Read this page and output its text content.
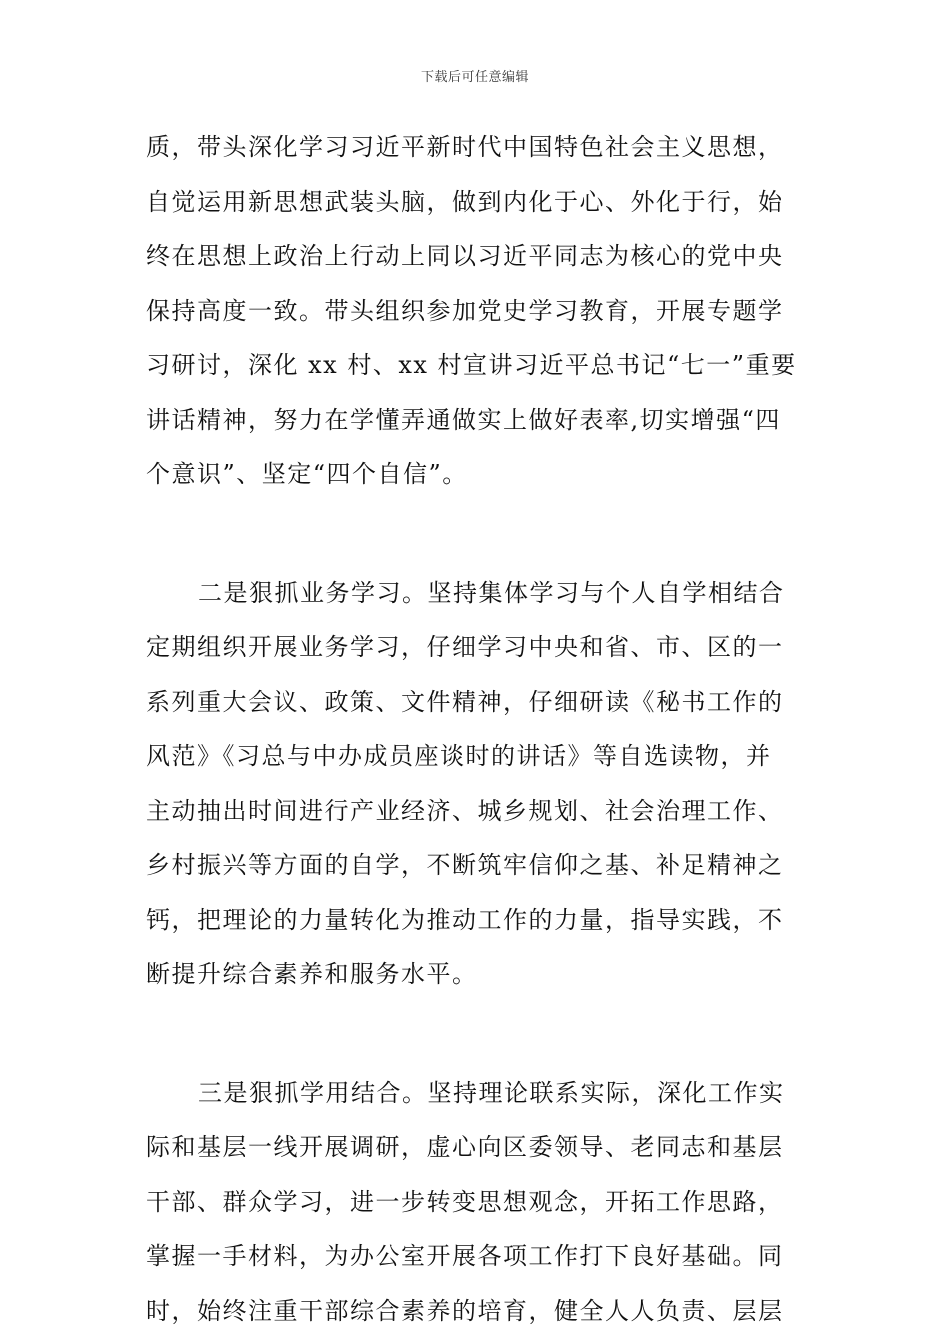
下载后可任意编辑
质，带头深化学习习近平新时代中国特色社会主义思想，
自觉运用新思想武装头脑，做到内化于心、外化于行，始
终在思想上政治上行动上同以习近平同志为核心的党中央
保持高度一致。带头组织参加党史学习教育，开展专题学
习研讨，深化 xx 村、xx 村宣讲习近平总书记“七一”重要
讲话精神，努力在学懂弄通做实上做好表率,切实增强“四
个意识”、坚定“四个自信”。
二是狠抓业务学习。坚持集体学习与个人自学相结合
定期组织开展业务学习，仔细学习中央和省、市、区的一
系列重大会议、政策、文件精神，仔细研读《秘书工作的
风范》《习总与中办成员座谈时的讲话》等自选读物，并
主动抽出时间进行产业经济、城乡规划、社会治理工作、
乡村振兴等方面的自学，不断筑牢信仰之基、补足精神之
钙，把理论的力量转化为推动工作的力量，指导实践，不
断提升综合素养和服务水平。
三是狠抓学用结合。坚持理论联系实际，深化工作实
际和基层一线开展调研，虚心向区委领导、老同志和基层
干部、群众学习，进一步转变思想观念，开拓工作思路，
掌握一手材料，为办公室开展各项工作打下良好基础。同
时，始终注重干部综合素养的培育，健全人人负责、层层
